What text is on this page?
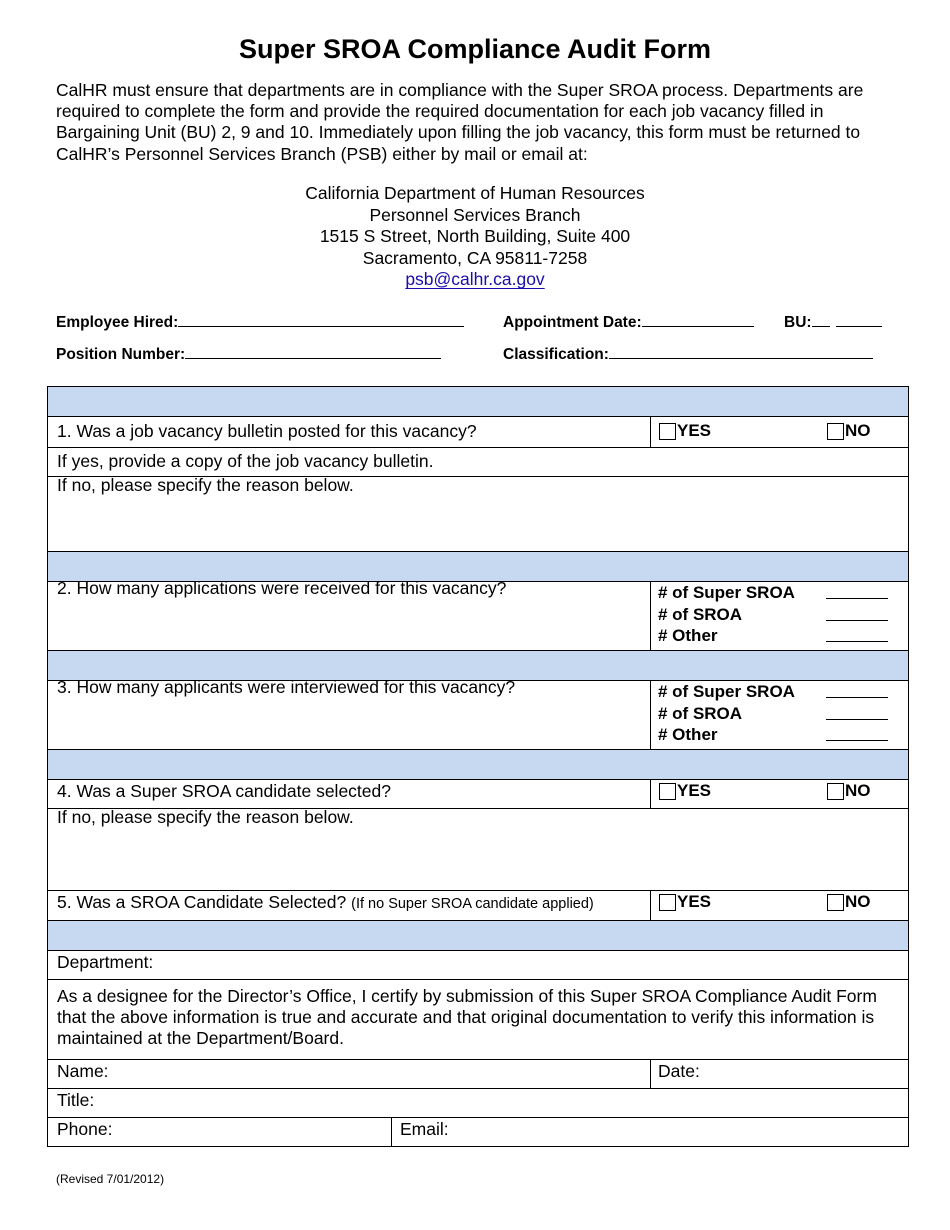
Super SROA Compliance Audit Form
CalHR must ensure that departments are in compliance with the Super SROA process. Departments are required to complete the form and provide the required documentation for each job vacancy filled in Bargaining Unit (BU) 2, 9 and 10. Immediately upon filling the job vacancy, this form must be returned to CalHR’s Personnel Services Branch (PSB) either by mail or email at:
California Department of Human Resources
Personnel Services Branch
1515 S Street, North Building, Suite 400
Sacramento, CA 95811-7258
psb@calhr.ca.gov
Employee Hired:	Appointment Date:	BU:
Position Number:	Classification:
1. Was a job vacancy bulletin posted for this vacancy?	YES	NO
If yes, provide a copy of the job vacancy bulletin.
If no, please specify the reason below.
2. How many applications were received for this vacancy?	# of Super SROA
# of SROA
# Other
3. How many applicants were interviewed for this vacancy?	# of Super SROA
# of SROA
# Other
4. Was a Super SROA candidate selected?	YES	NO
If no, please specify the reason below.
5. Was a SROA Candidate Selected? (If no Super SROA candidate applied)	YES	NO
Department:
As a designee for the Director’s Office, I certify by submission of this Super SROA Compliance Audit Form that the above information is true and accurate and that original documentation to verify this information is maintained at the Department/Board.
Name:	Date:
Title:
Phone:	Email:
(Revised 7/01/2012)
